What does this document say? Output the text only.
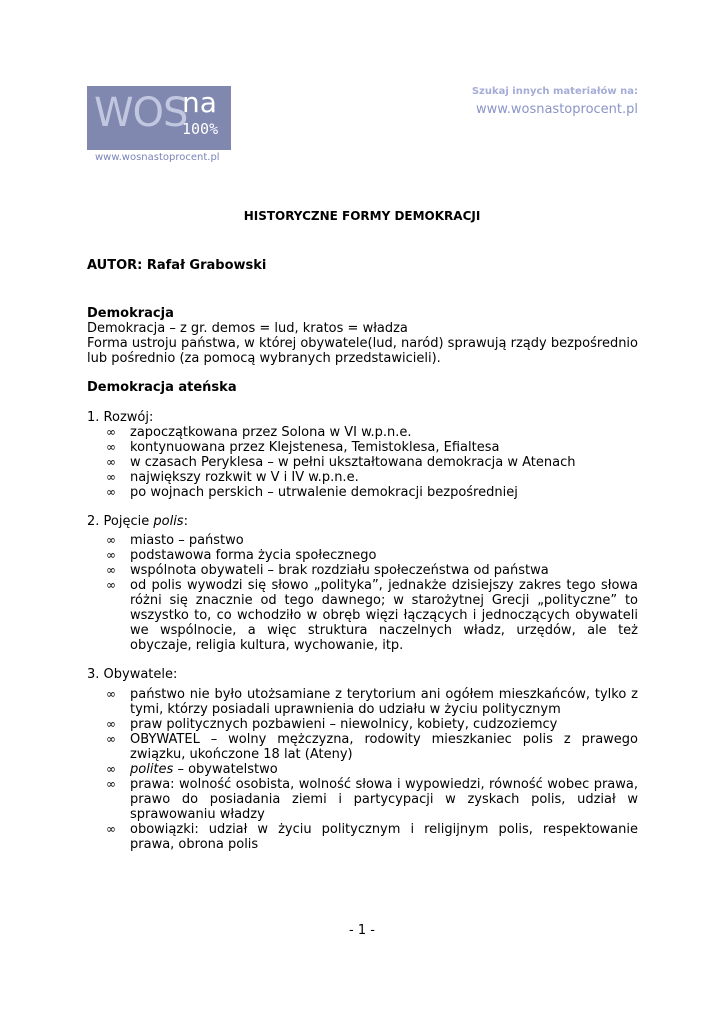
WOS
na
100%
www.wosnastoprocent.pl
Szukaj innych materiałów na:
www.wosnastoprocent.pl
HISTORYCZNE FORMY DEMOKRACJI
AUTOR: Rafał Grabowski
Demokracja
Demokracja – z gr. demos = lud, kratos = władza
Forma ustroju państwa, w której obywatele(lud, naród) sprawują rządy bezpośrednio lub pośrednio (za pomocą wybranych przedstawicieli).
Demokracja ateńska
1. Rozwój:
∞ zapoczątkowana przez Solona w VI w.p.n.e.
∞ kontynuowana przez Klejstenesa, Temistoklesa, Efialtesa
∞ w czasach Peryklesa – w pełni ukształtowana demokracja w Atenach
∞ największy rozkwit w V i IV w.p.n.e.
∞ po wojnach perskich – utrwalenie demokracji bezpośredniej
2. Pojęcie polis:
∞ miasto – państwo
∞ podstawowa forma życia społecznego
∞ wspólnota obywateli – brak rozdziału społeczeństwa od państwa
∞ od polis wywodzi się słowo „polityka”, jednakże dzisiejszy zakres tego słowa różni się znacznie od tego dawnego; w starożytnej Grecji „polityczne” to wszystko to, co wchodziło w obręb więzi łączących i jednoczących obywateli we wspólnocie, a więc struktura naczelnych władz, urzędów, ale też obyczaje, religia kultura, wychowanie, itp.
3. Obywatele:
∞ państwo nie było utożsamiane z terytorium ani ogółem mieszkańców, tylko z tymi, którzy posiadali uprawnienia do udziału w życiu politycznym
∞ praw politycznych pozbawieni – niewolnicy, kobiety, cudzoziemcy
∞ OBYWATEL – wolny mężczyzna, rodowity mieszkaniec polis z prawego związku, ukończone 18 lat (Ateny)
∞ polites – obywatelstwo
∞ prawa: wolność osobista, wolność słowa i wypowiedzi, równość wobec prawa, prawo do posiadania ziemi i partycypacji w zyskach polis, udział w sprawowaniu władzy
∞ obowiązki: udział w życiu politycznym i religijnym polis, respektowanie prawa, obrona polis
- 1 -
